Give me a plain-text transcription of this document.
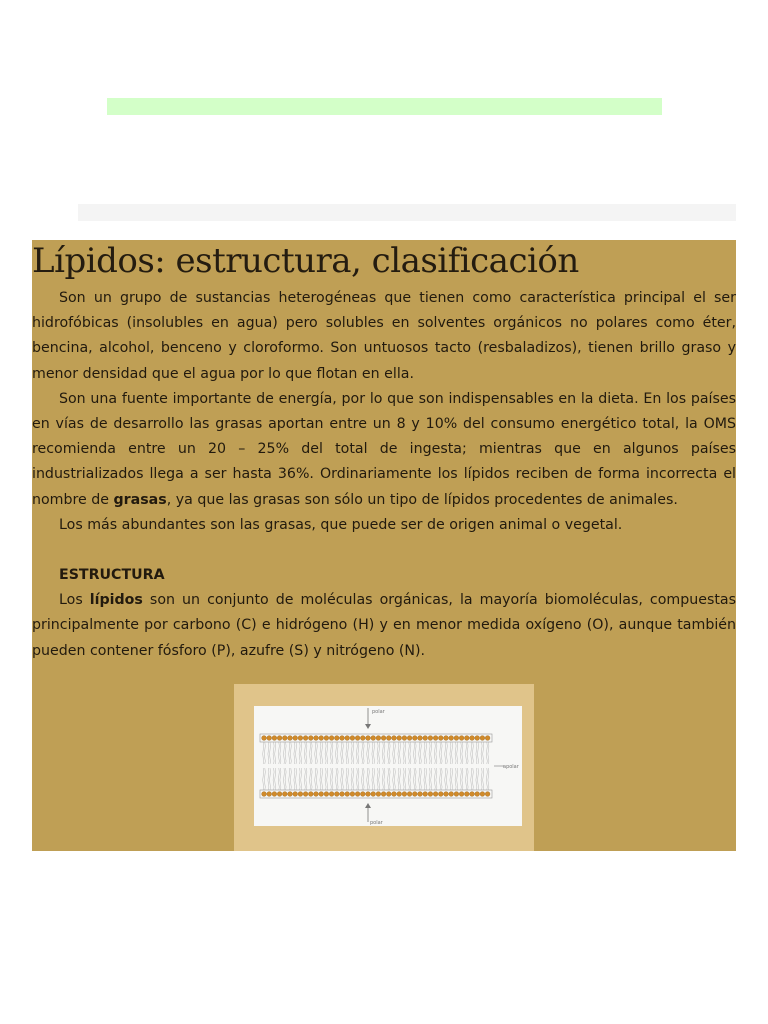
Lípidos: estructura, clasificación

Son un grupo de sustancias heterogéneas que tienen como característica principal el ser hidrofóbicas (insolubles en agua) pero solubles en solventes orgánicos no polares como éter, bencina, alcohol, benceno y cloroformo. Son untuosos tacto (resbaladizos), tienen brillo graso y menor densidad que el agua por lo que flotan en ella.

Son una fuente importante de energía, por lo que son indispensables en la dieta. En los países en vías de desarrollo las grasas aportan entre un 8 y 10% del consumo energético total, la OMS recomienda entre un 20 – 25% del total de ingesta; mientras que en algunos países industrializados llega a ser hasta 36%. Ordinariamente los lípidos reciben de forma incorrecta el nombre de grasas, ya que las grasas son sólo un tipo de lípidos procedentes de animales.

Los más abundantes son las grasas, que puede ser de origen animal o vegetal.

ESTRUCTURA

Los lípidos son un conjunto de moléculas orgánicas, la mayoría biomoléculas, compuestas principalmente por carbono (C) e hidrógeno (H) y en menor medida oxígeno (O), aunque también pueden contener fósforo (P), azufre (S) y nitrógeno (N).

polar
apolar
polar
